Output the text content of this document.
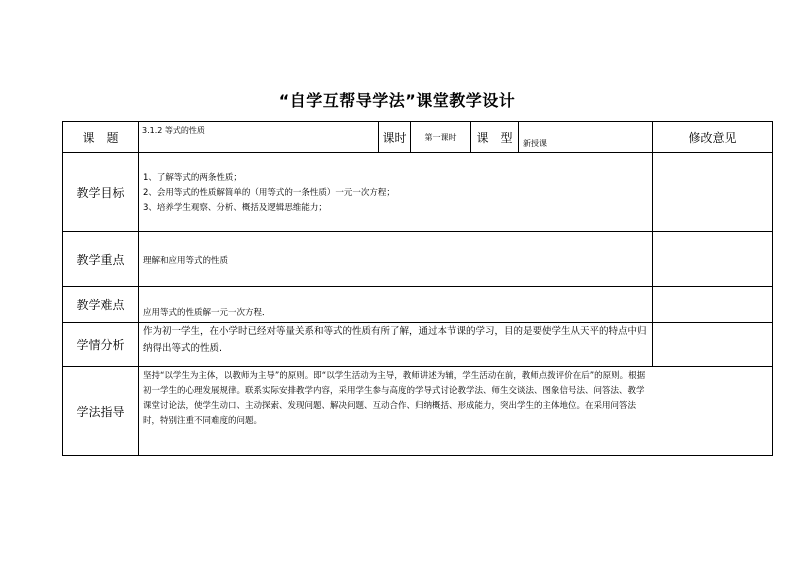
“自学互帮导学法”课堂教学设计
课　题	3.1.2 等式的性质	课时	第一课时	课　型	新授课	修改意见
教学目标	1、了解等式的两条性质；
2、会用等式的性质解简单的（用等式的一条性质）一元一次方程；
3、培养学生观察、分析、概括及逻辑思维能力；					

教学重点	理解和应用等式的性质					
教学难点	应用等式的性质解一元一次方程．					
学情分析	作为初一学生，在小学时已经对等量关系和等式的性质有所了解，通过本节课的学习，目的是要使学生从天平的特点中归纳得出等式的性质.					
学法指导	坚持“以学生为主体，以教师为主导”的原则。即“以学生活动为主导，教师讲述为辅，学生活动在前，教师点拨评价在后”的原则。根据初一学生的心理发展规律。联系实际安排教学内容，采用学生参与高度的学导式讨论教学法、师生交谈法、图象信号法、问答法、教学课堂讨论法，使学生动口、主动探索、发现问题、解决问题、互动合作、归纳概括、形成能力，突出学生的主体地位。在采用问答法时，特别注重不同难度的问题。					
